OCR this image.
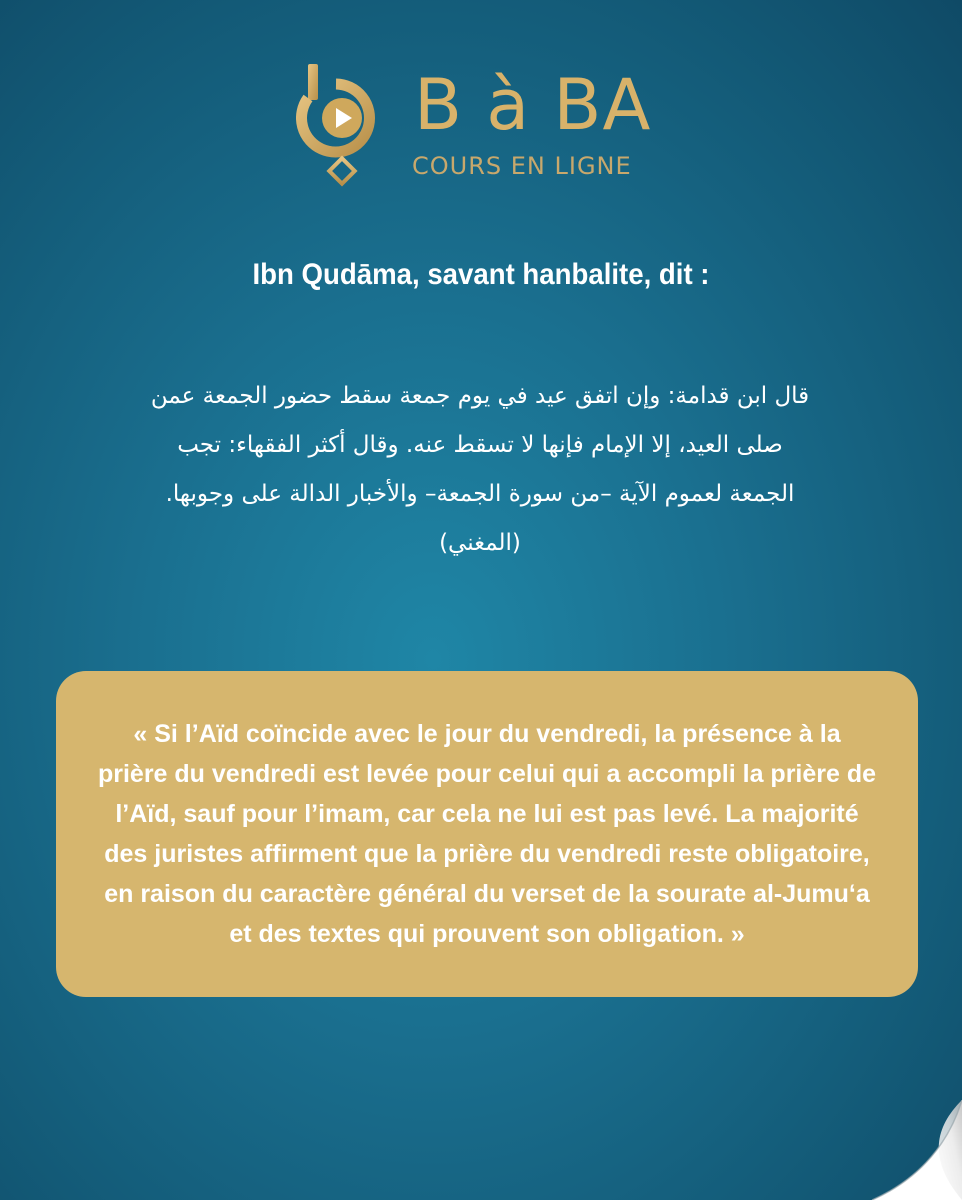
B à BA
COURS EN LIGNE
Ibn Qudāma, savant hanbalite, dit :

قال ابن قدامة: وإن اتفق عيد في يوم جمعة سقط حضور الجمعة عمن

صلى العيد، إلا الإمام فإنها لا تسقط عنه. وقال أكثر الفقهاء: تجب

الجمعة لعموم الآية –من سورة الجمعة– والأخبار الدالة على وجوبها.

(المغني)

« Si l’Aïd coïncide avec le jour du vendredi, la présence à la prière du vendredi est levée pour celui qui a accompli la prière de l’Aïd, sauf pour l’imam, car cela ne lui est pas levé. La majorité des juristes affirment que la prière du vendredi reste obligatoire, en raison du caractère général du verset de la sourate al-Jumu‘a et des textes qui prouvent son obligation. »
